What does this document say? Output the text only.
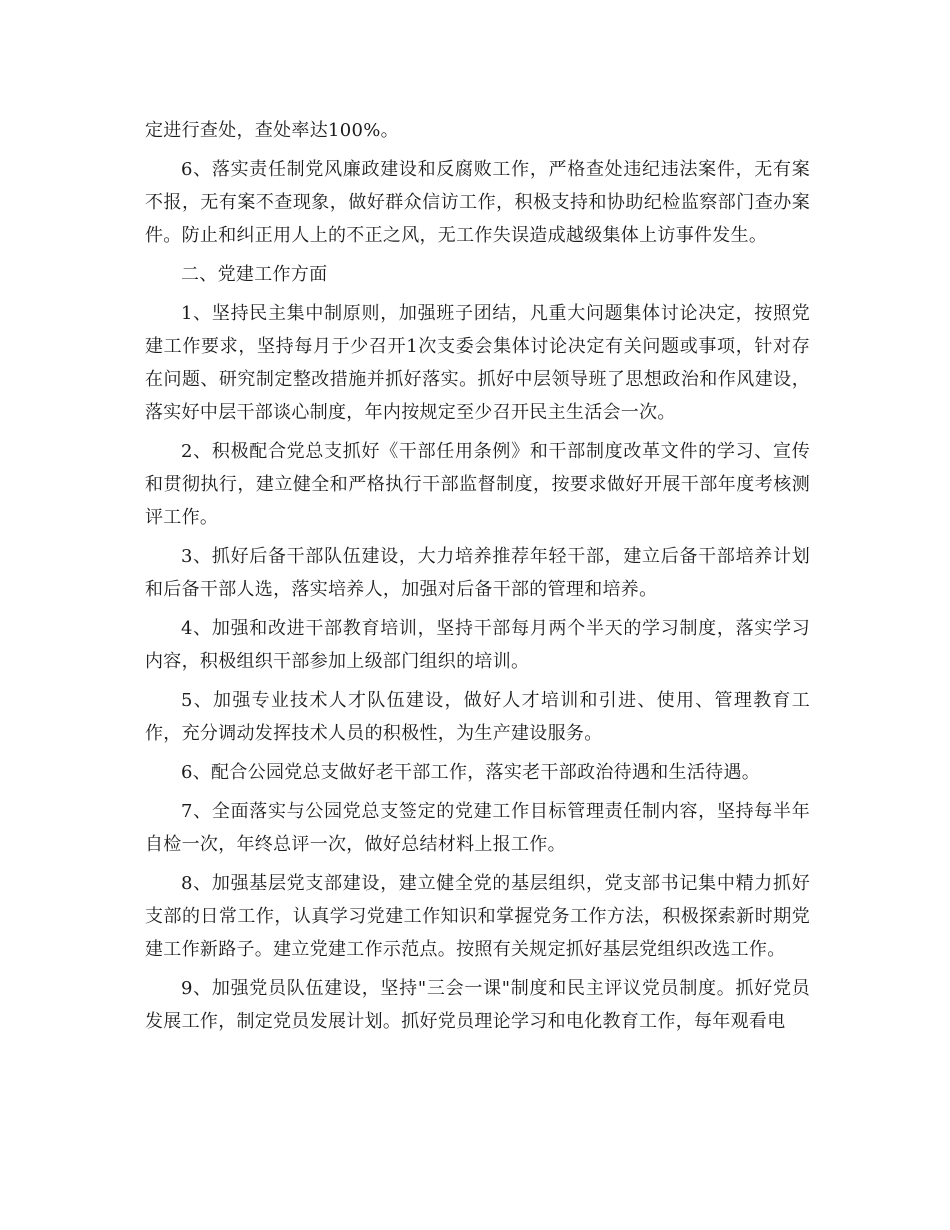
定进行查处，查处率达100%。

6、落实责任制党风廉政建设和反腐败工作，严格查处违纪违法案件，无有案不报，无有案不查现象，做好群众信访工作，积极支持和协助纪检监察部门查办案件。防止和纠正用人上的不正之风，无工作失误造成越级集体上访事件发生。

二、党建工作方面

1、坚持民主集中制原则，加强班子团结，凡重大问题集体讨论决定，按照党建工作要求，坚持每月于少召开1次支委会集体讨论决定有关问题或事项，针对存在问题、研究制定整改措施并抓好落实。抓好中层领导班了思想政治和作风建设，落实好中层干部谈心制度，年内按规定至少召开民主生活会一次。

2、积极配合党总支抓好《干部任用条例》和干部制度改革文件的学习、宣传和贯彻执行，建立健全和严格执行干部监督制度，按要求做好开展干部年度考核测评工作。

3、抓好后备干部队伍建设，大力培养推荐年轻干部，建立后备干部培养计划和后备干部人选，落实培养人，加强对后备干部的管理和培养。

4、加强和改进干部教育培训，坚持干部每月两个半天的学习制度，落实学习内容，积极组织干部参加上级部门组织的培训。

5、加强专业技术人才队伍建设，做好人才培训和引进、使用、管理教育工作，充分调动发挥技术人员的积极性，为生产建设服务。

6、配合公园党总支做好老干部工作，落实老干部政治待遇和生活待遇。

7、全面落实与公园党总支签定的党建工作目标管理责任制内容，坚持每半年自检一次，年终总评一次，做好总结材料上报工作。

8、加强基层党支部建设，建立健全党的基层组织，党支部书记集中精力抓好支部的日常工作，认真学习党建工作知识和掌握党务工作方法，积极探索新时期党建工作新路子。建立党建工作示范点。按照有关规定抓好基层党组织改选工作。

9、加强党员队伍建设，坚持"三会一课"制度和民主评议党员制度。抓好党员发展工作，制定党员发展计划。抓好党员理论学习和电化教育工作，每年观看电
